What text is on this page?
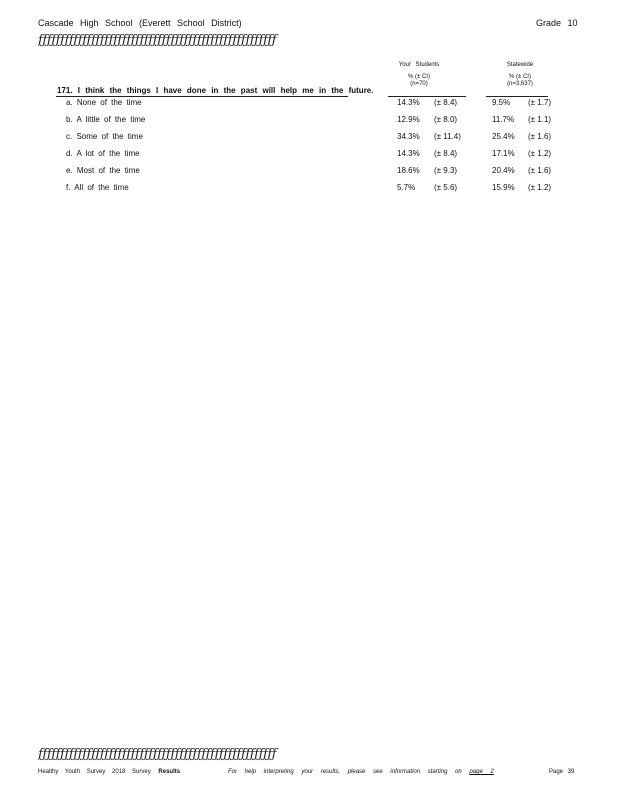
Cascade High School (Everett School District)	Grade 10
ƒƒƒƒƒƒƒƒƒƒƒƒƒƒƒƒƒƒƒƒƒƒƒƒƒƒƒƒƒƒƒƒƒƒƒƒƒƒƒƒƒƒƒƒƒƒƒƒƒƒƒƒƒƒ
Your Students
% (± CI)
(n=70)
Statewide
% (± CI)
(n=3,637)
171. I think the things I have done in the past will help me in the future.
a. None of the time	14.3% (± 8.4)	9.5% (± 1.7)
b. A little of the time	12.9% (± 8.0)	11.7% (± 1.1)
c. Some of the time	34.3% (± 11.4)	25.4% (± 1.6)
d. A lot of the time	14.3% (± 8.4)	17.1% (± 1.2)
e. Most of the time	18.6% (± 9.3)	20.4% (± 1.6)
f. All of the time	5.7% (± 5.6)	15.9% (± 1.2)
ƒƒƒƒƒƒƒƒƒƒƒƒƒƒƒƒƒƒƒƒƒƒƒƒƒƒƒƒƒƒƒƒƒƒƒƒƒƒƒƒƒƒƒƒƒƒƒƒƒƒƒƒƒƒ
Healthy Youth Survey 2018 Survey Results	For help interpreting your results, please see information starting on page 2	Page 39
